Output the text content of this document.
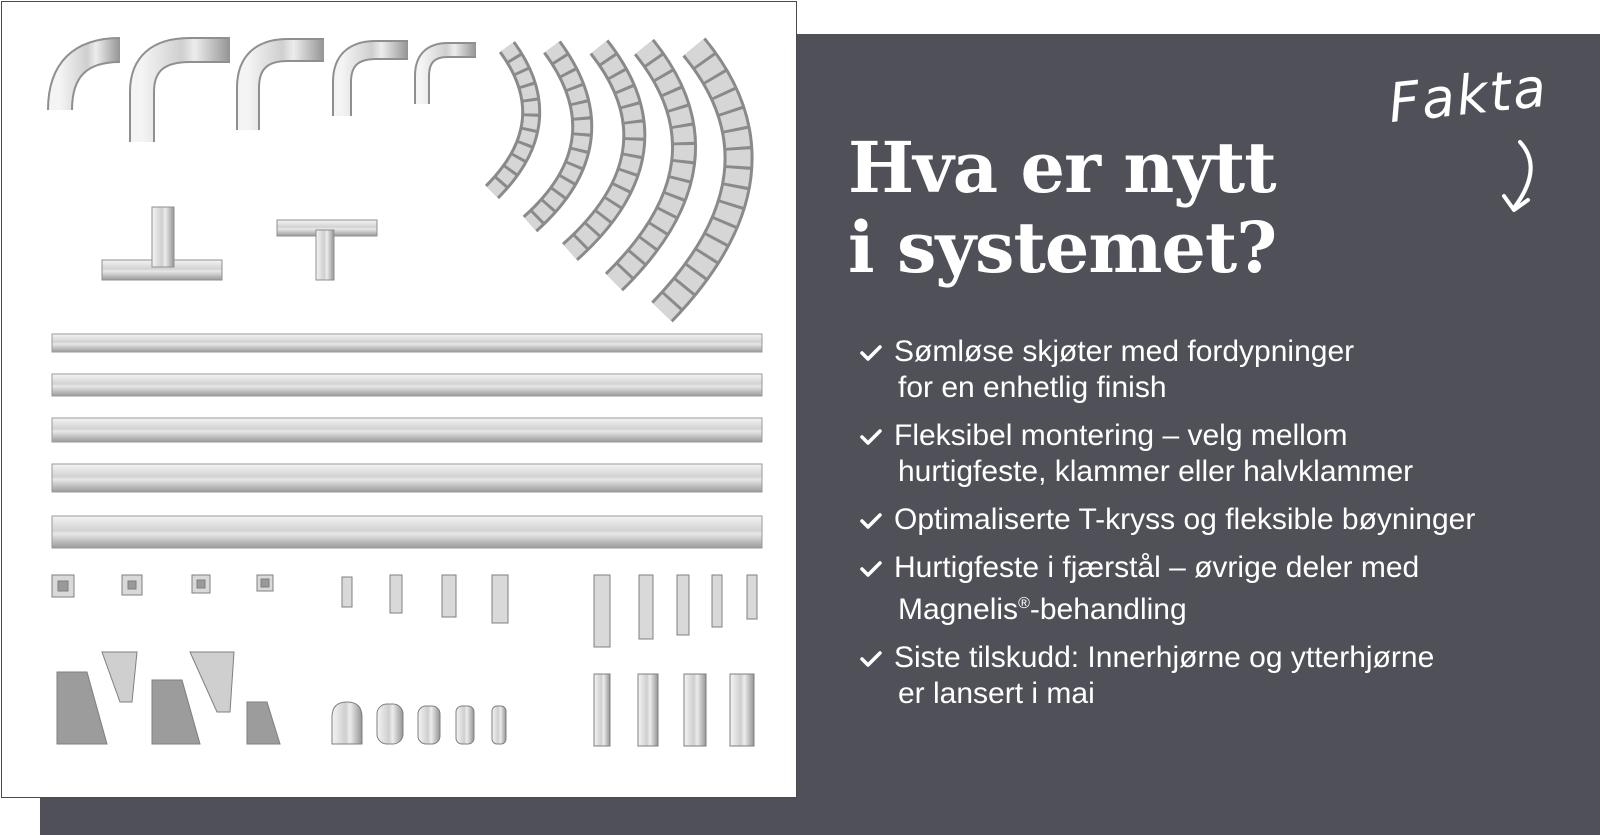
Fakta
Hva er nytt
i systemet?
Sømløse skjøter med fordypninger
for en enhetlig finish
Fleksibel montering – velg mellom
hurtigfeste, klammer eller halvklammer
Optimaliserte T-kryss og fleksible bøyninger
Hurtigfeste i fjærstål – øvrige deler med
Magnelis®-behandling
Siste tilskudd: Innerhjørne og ytterhjørne
er lansert i mai
